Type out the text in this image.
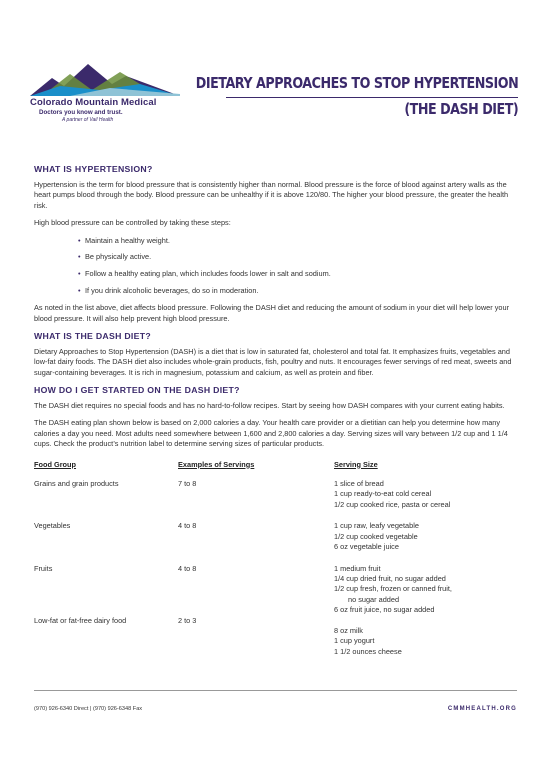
Colorado Mountain Medical
Doctors you know and trust.
A partner of Vail Health
DIETARY APPROACHES TO STOP HYPERTENSION
(THE DASH DIET)
WHAT IS HYPERTENSION?

Hypertension is the term for blood pressure that is consistently higher than normal. Blood pressure is the force of blood against artery walls as the heart pumps blood through the body. Blood pressure can be unhealthy if it is above 120/80. The higher your blood pressure, the greater the health risk.

High blood pressure can be controlled by taking these steps:

• Maintain a healthy weight.
• Be physically active.
• Follow a healthy eating plan, which includes foods lower in salt and sodium.
• If you drink alcoholic beverages, do so in moderation.

As noted in the list above, diet affects blood pressure. Following the DASH diet and reducing the amount of sodium in your diet will help lower your blood pressure. It will also help prevent high blood pressure.

WHAT IS THE DASH DIET?

Dietary Approaches to Stop Hypertension (DASH) is a diet that is low in saturated fat, cholesterol and total fat. It emphasizes fruits, vegetables and low-fat dairy foods. The DASH diet also includes whole-grain products, fish, poultry and nuts. It encourages fewer servings of red meat, sweets and sugar-containing beverages. It is rich in magnesium, potassium and calcium, as well as protein and fiber.

HOW DO I GET STARTED ON THE DASH DIET?

The DASH diet requires no special foods and has no hard-to-follow recipes. Start by seeing how DASH compares with your current eating habits.

The DASH eating plan shown below is based on 2,000 calories a day. Your health care provider or a dietitian can help you determine how many calories a day you need. Most adults need somewhere between 1,600 and 2,800 calories a day. Serving sizes will vary between 1/2 cup and 1 1/4 cups. Check the product’s nutrition label to determine serving sizes of particular products.

Food Group	Examples of Servings	Serving Size
Grains and grain products	7 to 8	1 slice of bread
1 cup ready-to-eat cold cereal
1/2 cup cooked rice, pasta or cereal

Vegetables	4 to 8	1 cup raw, leafy vegetable
1/2 cup cooked vegetable
6 oz vegetable juice

Fruits	4 to 8	1 medium fruit
1/4 cup dried fruit, no sugar added
1/2 cup fresh, frozen or canned fruit,
no sugar added
6 oz fruit juice, no sugar added

Low-fat or fat-free dairy food	2 to 3	8 oz milk
1 cup yogurt
1 1/2 ounces cheese
(970) 926-6340 Direct | (970) 926-6348 Fax	CMMHEALTH.ORG
